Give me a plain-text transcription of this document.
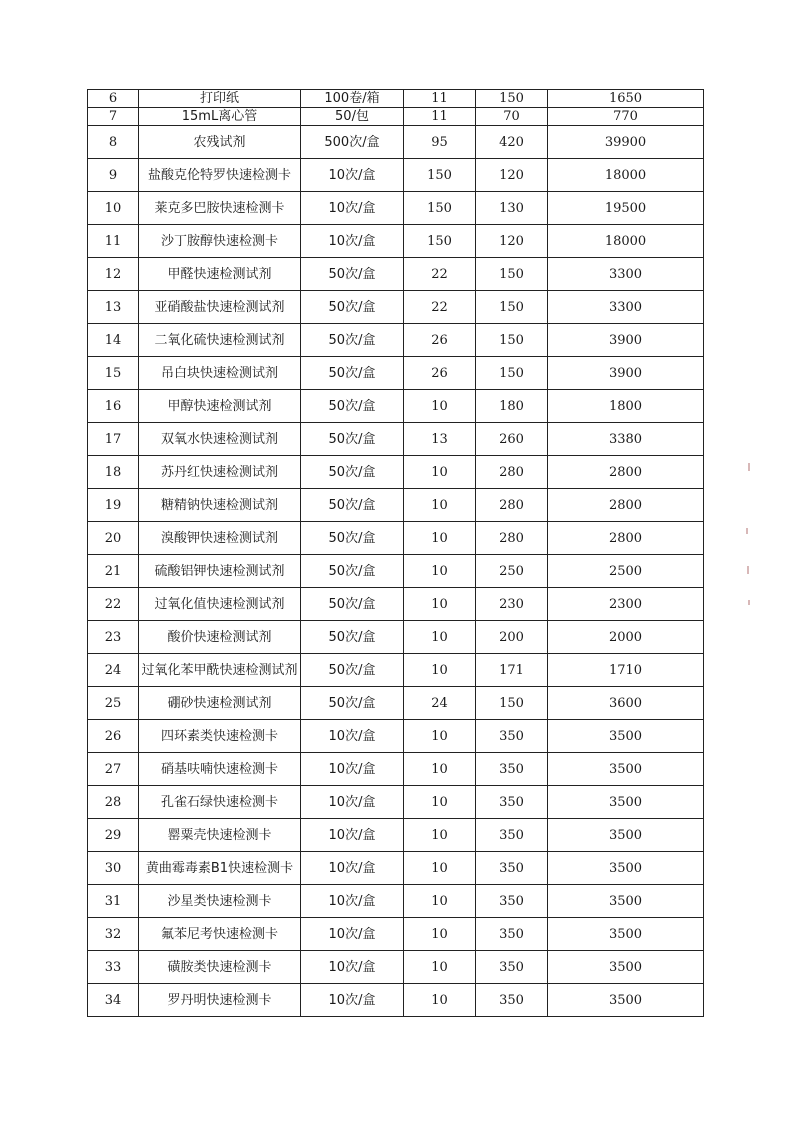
6	打印纸	100卷/箱	11	150	1650
7	15mL离心管	50/包	11	70	770
8	农残试剂	500次/盒	95	420	39900
9	盐酸克伦特罗快速检测卡	10次/盒	150	120	18000
10	莱克多巴胺快速检测卡	10次/盒	150	130	19500
11	沙丁胺醇快速检测卡	10次/盒	150	120	18000
12	甲醛快速检测试剂	50次/盒	22	150	3300
13	亚硝酸盐快速检测试剂	50次/盒	22	150	3300
14	二氧化硫快速检测试剂	50次/盒	26	150	3900
15	吊白块快速检测试剂	50次/盒	26	150	3900
16	甲醇快速检测试剂	50次/盒	10	180	1800
17	双氧水快速检测试剂	50次/盒	13	260	3380
18	苏丹红快速检测试剂	50次/盒	10	280	2800
19	糖精钠快速检测试剂	50次/盒	10	280	2800
20	溴酸钾快速检测试剂	50次/盒	10	280	2800
21	硫酸铝钾快速检测试剂	50次/盒	10	250	2500
22	过氧化值快速检测试剂	50次/盒	10	230	2300
23	酸价快速检测试剂	50次/盒	10	200	2000
24	过氧化苯甲酰快速检测试剂	50次/盒	10	171	1710
25	硼砂快速检测试剂	50次/盒	24	150	3600
26	四环素类快速检测卡	10次/盒	10	350	3500
27	硝基呋喃快速检测卡	10次/盒	10	350	3500
28	孔雀石绿快速检测卡	10次/盒	10	350	3500
29	罂粟壳快速检测卡	10次/盒	10	350	3500
30	黄曲霉毒素B1快速检测卡	10次/盒	10	350	3500
31	沙星类快速检测卡	10次/盒	10	350	3500
32	氟苯尼考快速检测卡	10次/盒	10	350	3500
33	磺胺类快速检测卡	10次/盒	10	350	3500
34	罗丹明快速检测卡	10次/盒	10	350	3500
